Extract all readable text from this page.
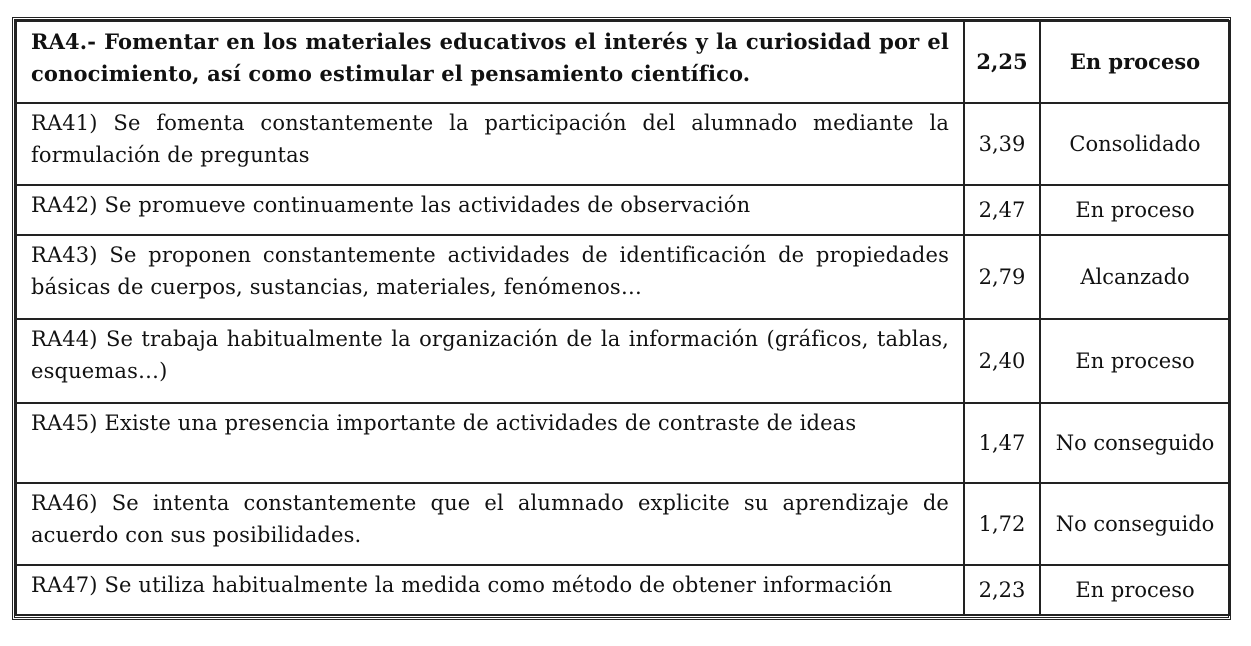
RA4.- Fomentar en los materiales educativos el interés y la curiosidad por el conocimiento, así como estimular el pensamiento científico.	2,25	En proceso
RA41) Se fomenta constantemente la participación del alumnado mediante la formulación de preguntas	3,39	Consolidado
RA42) Se promueve continuamente las actividades de observación	2,47	En proceso
RA43) Se proponen constantemente actividades de identificación de propiedades básicas de cuerpos, sustancias, materiales, fenómenos…	2,79	Alcanzado
RA44) Se trabaja habitualmente la organización de la información (gráficos, tablas, esquemas…)	2,40	En proceso
RA45) Existe una presencia importante de actividades de contraste de ideas	1,47	No conseguido
RA46) Se intenta constantemente que el alumnado explicite su aprendizaje de acuerdo con sus posibilidades.	1,72	No conseguido
RA47) Se utiliza habitualmente la medida como método de obtener información	2,23	En proceso
